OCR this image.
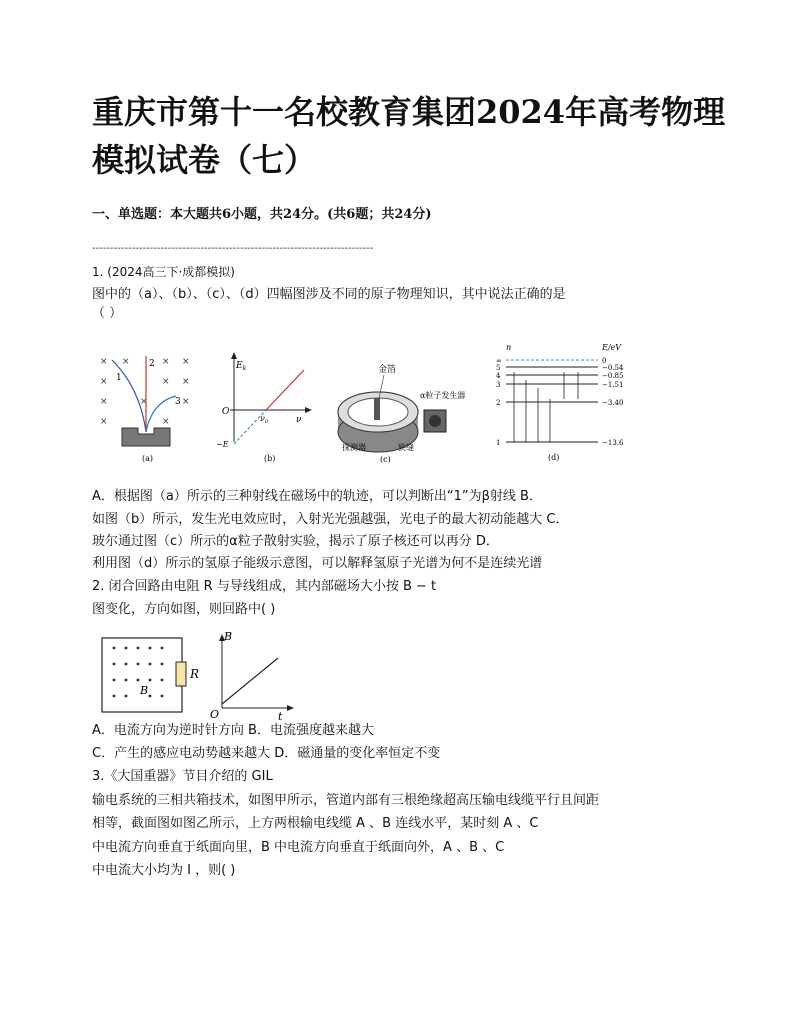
重庆市第十一名校教育集团2024年高考物理模拟试卷（七）
一、单选题：本大题共6小题，共24分。(共6题；共24分)
------------------------------------------------------------------------------
1. (2024高三下·成都模拟)
图中的（a）、（b）、（c）、（d）四幅图涉及不同的原子物理知识，其中说法正确的是
（ ）
× ×	× ×
×	× ×
×	×	×
×	×
1
2
3
(a)
$E_k$
O
ν
$\nu_0$
−E
(b)
金箔
α粒子发生器
探测器	狭缝
(c)
n	E/eV
∞	0
5	−0.54
4	−0.85
3	−1.51
2	−3.40
1	−13.6
(d)
A．根据图（a）所示的三种射线在磁场中的轨迹，可以判断出“1”为β射线 B．
如图（b）所示，发生光电效应时，入射光光强越强，光电子的最大初动能越大 C．
玻尔通过图（c）所示的α粒子散射实验，揭示了原子核还可以再分 D．
利用图（d）所示的氢原子能级示意图，可以解释氢原子光谱为何不是连续光谱
2. 闭合回路由电阻 R 与导线组成，其内部磁场大小按 B − t
图变化，方向如图，则回路中( )
R
B
B
O	t
A．电流方向为逆时针方向 B．电流强度越来越大
C．产生的感应电动势越来越大 D．磁通量的变化率恒定不变
3.《大国重器》节目介绍的 GIL
输电系统的三相共箱技术，如图甲所示，管道内部有三根绝缘超高压输电线缆平行且间距
相等，截面图如图乙所示，上方两根输电线缆 A 、B 连线水平，某时刻 A 、C
中电流方向垂直于纸面向里，B 中电流方向垂直于纸面向外，A 、B 、C
中电流大小均为 I ，则( )
